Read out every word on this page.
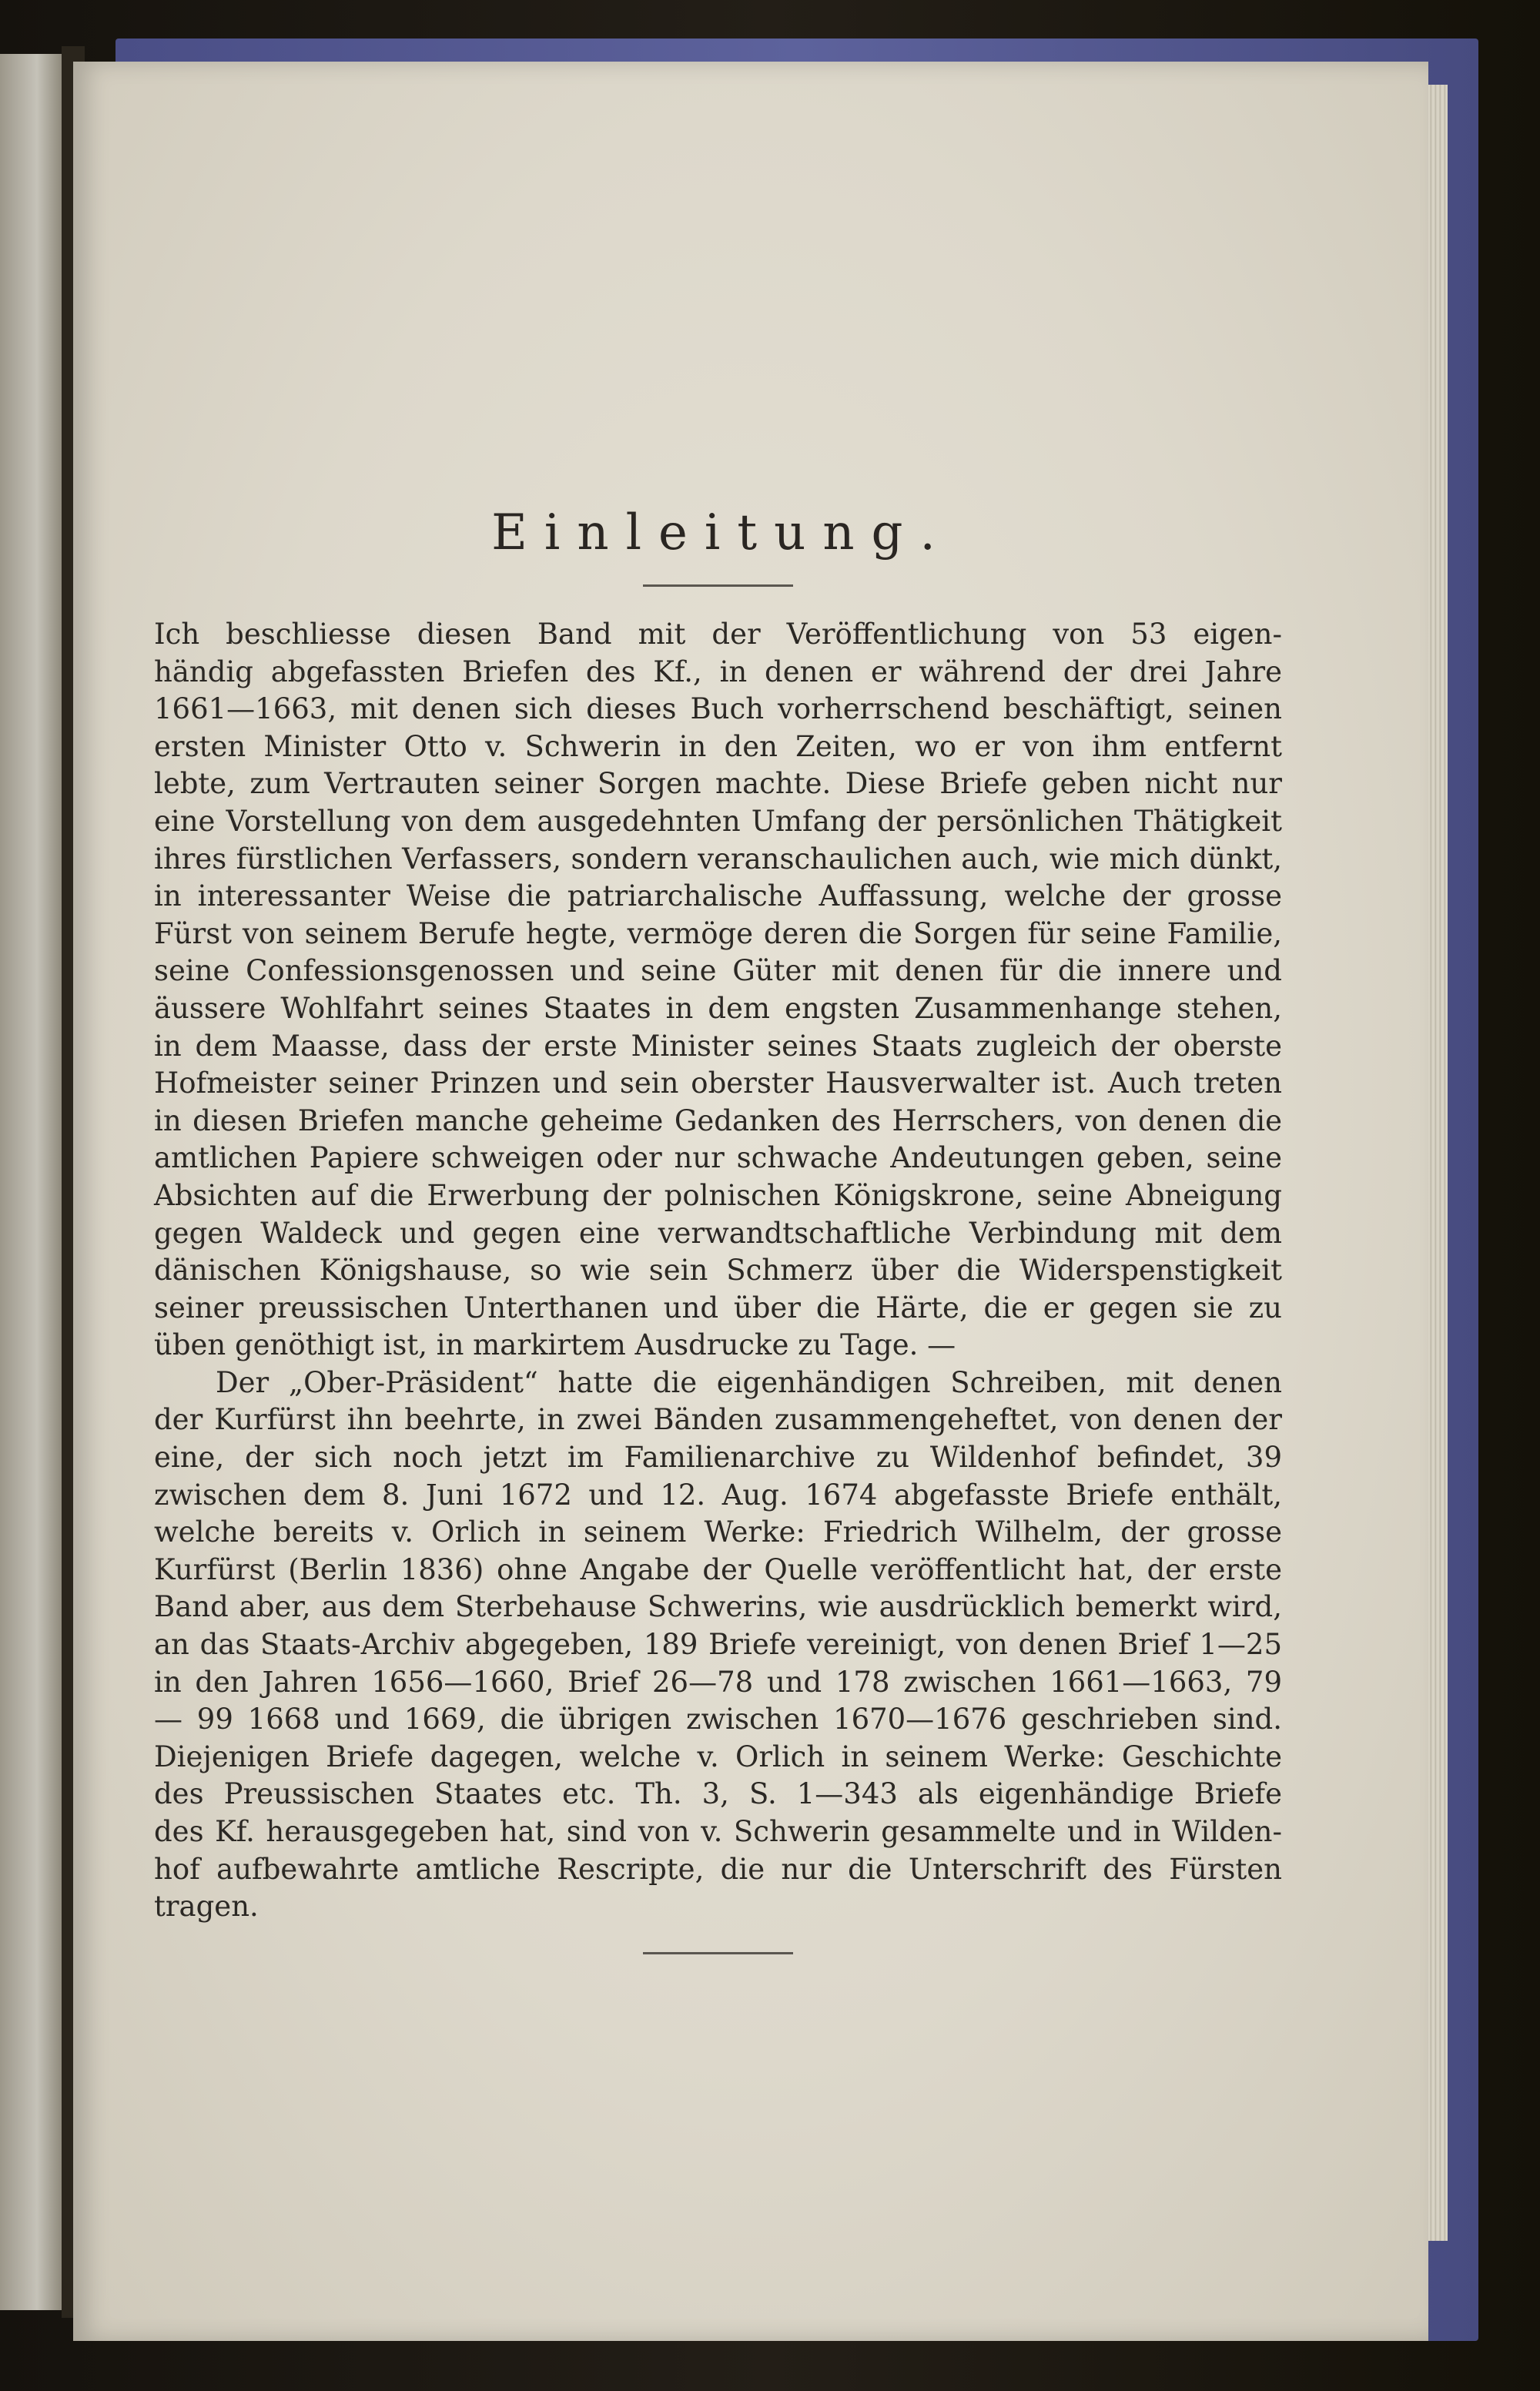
Einleitung.
Ich beschliesse diesen Band mit der Veröffentlichung von 53 eigen-
händig abgefassten Briefen des Kf., in denen er während der drei Jahre
1661—1663, mit denen sich dieses Buch vorherrschend beschäftigt, seinen
ersten Minister Otto v. Schwerin in den Zeiten, wo er von ihm entfernt
lebte, zum Vertrauten seiner Sorgen machte. Diese Briefe geben nicht nur
eine Vorstellung von dem ausgedehnten Umfang der persönlichen Thätigkeit
ihres fürstlichen Verfassers, sondern veranschaulichen auch, wie mich dünkt,
in interessanter Weise die patriarchalische Auffassung, welche der grosse
Fürst von seinem Berufe hegte, vermöge deren die Sorgen für seine Familie,
seine Confessionsgenossen und seine Güter mit denen für die innere und
äussere Wohlfahrt seines Staates in dem engsten Zusammenhange stehen,
in dem Maasse, dass der erste Minister seines Staats zugleich der oberste
Hofmeister seiner Prinzen und sein oberster Hausverwalter ist. Auch treten
in diesen Briefen manche geheime Gedanken des Herrschers, von denen die
amtlichen Papiere schweigen oder nur schwache Andeutungen geben, seine
Absichten auf die Erwerbung der polnischen Königskrone, seine Abneigung
gegen Waldeck und gegen eine verwandtschaftliche Verbindung mit dem
dänischen Königshause, so wie sein Schmerz über die Widerspenstigkeit
seiner preussischen Unterthanen und über die Härte, die er gegen sie zu
üben genöthigt ist, in markirtem Ausdrucke zu Tage. —
Der „Ober-Präsident“ hatte die eigenhändigen Schreiben, mit denen
der Kurfürst ihn beehrte, in zwei Bänden zusammengeheftet, von denen der
eine, der sich noch jetzt im Familienarchive zu Wildenhof befindet, 39
zwischen dem 8. Juni 1672 und 12. Aug. 1674 abgefasste Briefe enthält,
welche bereits v. Orlich in seinem Werke: Friedrich Wilhelm, der grosse
Kurfürst (Berlin 1836) ohne Angabe der Quelle veröffentlicht hat, der erste
Band aber, aus dem Sterbehause Schwerins, wie ausdrücklich bemerkt wird,
an das Staats-Archiv abgegeben, 189 Briefe vereinigt, von denen Brief 1—25
in den Jahren 1656—1660, Brief 26—78 und 178 zwischen 1661—1663, 79
— 99 1668 und 1669, die übrigen zwischen 1670—1676 geschrieben sind.
Diejenigen Briefe dagegen, welche v. Orlich in seinem Werke: Geschichte
des Preussischen Staates etc. Th. 3, S. 1—343 als eigenhändige Briefe
des Kf. herausgegeben hat, sind von v. Schwerin gesammelte und in Wilden-
hof aufbewahrte amtliche Rescripte, die nur die Unterschrift des Fürsten
tragen.
